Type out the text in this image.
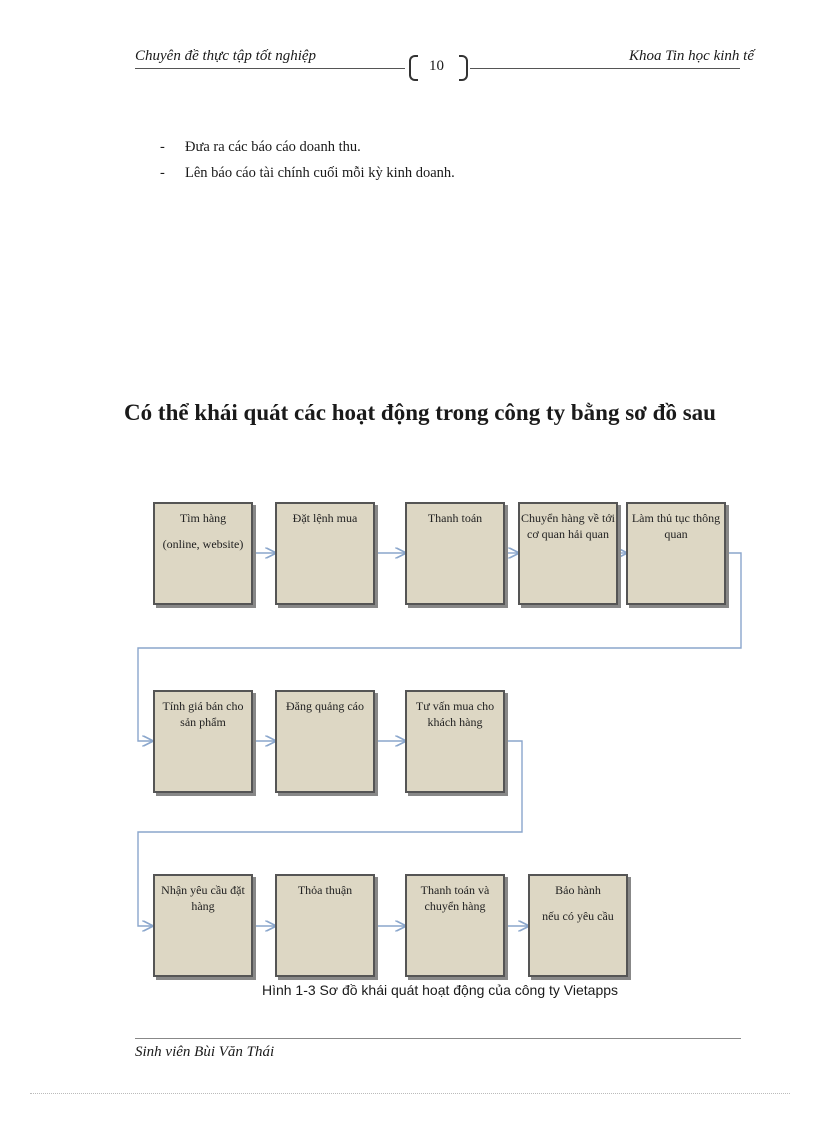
Chuyên đề thực tập tốt nghiệp
10
Khoa Tin học kinh tế
- Đưa ra các báo cáo doanh thu.
- Lên báo cáo tài chính cuối mỗi kỳ kinh doanh.
Có thể khái quát các hoạt động trong công ty bằng sơ đồ sau
Tìm hàng
(online, website)
Đặt lệnh mua	Thanh toán	Chuyển hàng về tới cơ quan hải quan
Làm thủ tục thông quan
Tính giá bán cho sản phẩm
Đăng quảng cáo	Tư vấn mua cho khách hàng
Nhận yêu cầu đặt hàng
Thỏa thuận	Thanh toán và chuyển hàng
Bảo hành
nếu có yêu cầu
Hình 1-3 Sơ đồ khái quát hoạt động của công ty Vietapps
Sinh viên Bùi Văn Thái
